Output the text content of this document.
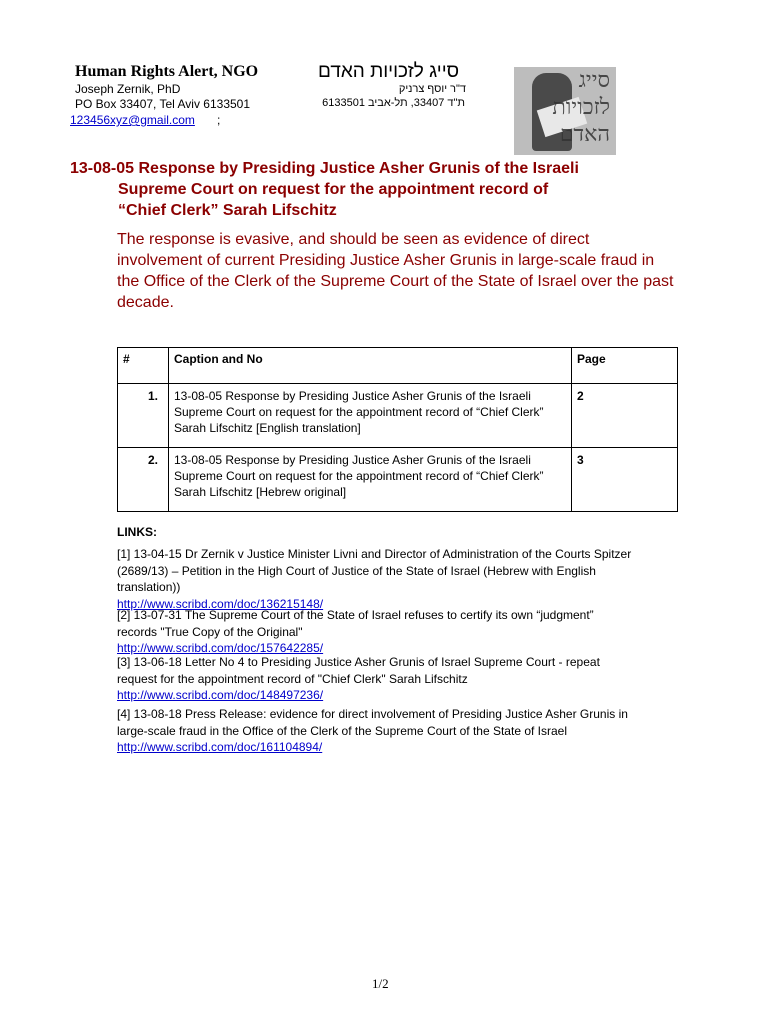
Human Rights Alert, NGO	סייג לזכויות האדם
Joseph Zernik, PhD
PO Box 33407, Tel Aviv 6133501
ד"ר יוסף צרניק
ת"ד 33407, תל-אביב 6133501
123456xyz@gmail.com ;
סייג
לזכויות
האדם
13-08-05 Response by Presiding Justice Asher Grunis of the Israeli
Supreme Court on request for the appointment record of
“Chief Clerk” Sarah Lifschitz
The response is evasive, and should be seen as evidence of direct involvement of current Presiding Justice Asher Grunis in large-scale fraud in the Office of the Clerk of the Supreme Court of the State of Israel over the past decade.
#	Caption and No	Page
1.	13-08-05 Response by Presiding Justice Asher Grunis of the Israeli Supreme Court on request for the appointment record of “Chief Clerk” Sarah Lifschitz [English translation]	2
2.	13-08-05 Response by Presiding Justice Asher Grunis of the Israeli Supreme Court on request for the appointment record of “Chief Clerk” Sarah Lifschitz [Hebrew original]	3
LINKS:
[1] 13-04-15 Dr Zernik v Justice Minister Livni and Director of Administration of the Courts Spitzer (2689/13) – Petition in the High Court of Justice of the State of Israel (Hebrew with English translation))
http://www.scribd.com/doc/136215148/
[2] 13-07-31 The Supreme Court of the State of Israel refuses to certify its own “judgment” records "True Copy of the Original"
http://www.scribd.com/doc/157642285/
[3] 13-06-18 Letter No 4 to Presiding Justice Asher Grunis of Israel Supreme Court - repeat request for the appointment record of "Chief Clerk" Sarah Lifschitz
http://www.scribd.com/doc/148497236/
[4] 13-08-18 Press Release: evidence for direct involvement of Presiding Justice Asher Grunis in large-scale fraud in the Office of the Clerk of the Supreme Court of the State of Israel
http://www.scribd.com/doc/161104894/
1/2
